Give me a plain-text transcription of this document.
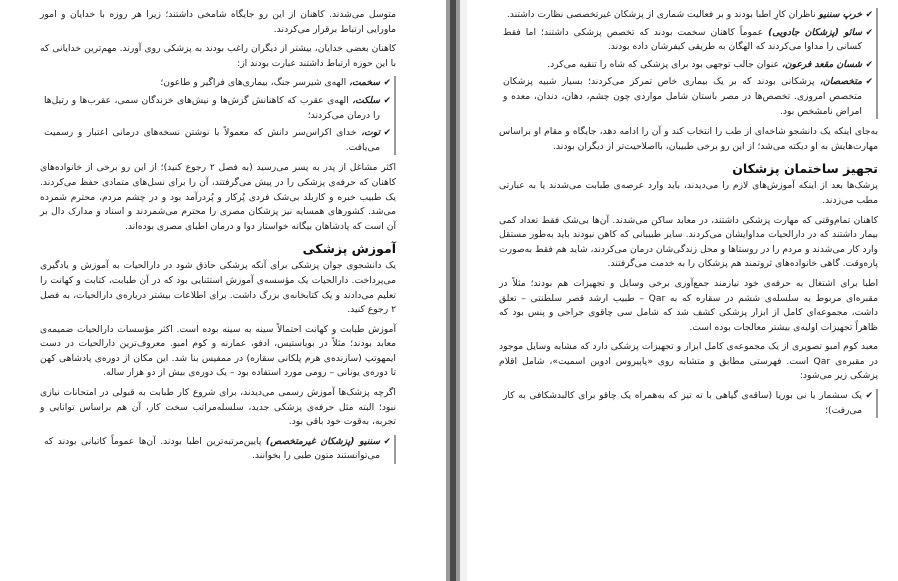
✔
خرپ سننیو ناظران کارِ اطبا بودند و بر فعالیت شماری از پزشکان غیرتخصصی نظارت داشتند.
✔
سائو (پزشکان جادویی) عموماً کاهنان سخمت بودند که تخصص پزشکی داشتند؛ اما فقط کسانی را مداوا می‌کردند که الهگان به طریقی کیفرشان داده بودند.
✔
شسان مقعد فرعون، عنوان جالب توجهی بود برای پزشکی که شاه را تنقیه می‌کرد.
✔
متخصصان، پزشکانی بودند که بر یک بیماری خاص تمرکز می‌کردند؛ بسیار شبیه پزشکان متخصص امروزی. تخصص‌ها در مصر باستان شامل مواردی چون چشم، دهان، دندان، معده و امراض نامشخص بود.

به‌جای اینکه یک دانشجو شاخه‌ای از طب را انتخاب کند و آن را ادامه دهد، جایگاه و مقام او براساس مهارت‌هایش به او دیکته می‌شد؛ از این رو برخی طبیبان، بااصلاحیت‌تر از دیگران بودند.

تجهیز ساختمان پزشکان

پزشک‌ها بعد از اینکه آموزش‌های لازم را می‌دیدند، باید وارد عرصه‌ی طبابت می‌شدند یا به عبارتی مطب می‌زدند.

کاهنان تمام‌وقتی که مهارت پزشکی داشتند، در معابد ساکن می‌شدند. آن‌ها بی‌شک فقط تعداد کمی بیمار داشتند که در دارالحیات مداوایشان می‌کردند. سایر طبیبانی که کاهن نبودند باید به‌طور مستقل وارد کار می‌شدند و مردم را در روستاها و محل زندگی‌شان درمان می‌کردند، شاید هم فقط به‌صورت پاره‌وقت. گاهی خانواده‌های ثروتمند هم پزشکان را به خدمت می‌گرفتند.

اطبا برای اشتغال به حرفه‌ی خود نیازمند جمع‌آوری برخی وسایل و تجهیزات هم بودند؛ مثلاً در مقبره‌ای مربوط به سلسله‌ی ششم در سقاره که به Qar – طبیب ارشد قصر سلطنتی – تعلق داشت، مجموعه‌ای کامل از ابزار پزشکی کشف شد که شامل سی چاقوی جراحی و پنس بود که ظاهراً تجهیزات اولیه‌ی بیشتر معالجات بوده است.

معبد کوم امبو تصویری از یک مجموعه‌ی کامل ابزار و تجهیزات پزشکی دارد که مشابه وسایل موجود در مقبره‌ی Qar است. فهرستی مطابق و متشابه روی «پاپیروس ادوین اسمیت»، شامل اقلام پزشکی زیر می‌شود:

✔
یک سشمار یا نی بوریا (ساقه‌ی گیاهی با ته تیز که به‌همراه یک چاقو برای کالبدشکافی به کار می‌رفت)؛

متوسل می‌شدند. کاهنان از این رو جایگاه شامخی داشتند؛ زیرا هر روزه با خدایان و امور ماورایی ارتباط برقرار می‌کردند.

کاهنان بعضی خدایان، بیشتر از دیگران راغب بودند به پزشکی روی آورند. مهم‌ترین خدایانی که با این حوزه ارتباط داشتند عبارت بودند از:

✔
سخمت، الهه‌ی شیرسر جنگ، بیماری‌های فراگیر و طاعون؛
✔
سلکت، الهه‌ی عقرب که کاهنانش گزش‌ها و نیش‌های خزندگان سمی، عقرب‌ها و رتیل‌ها را درمان می‌کردند؛
✔
توت، خدای اکراس‌سر دانش که معمولاً با نوشتن نسخه‌های درمانی اعتبار و رسمیت می‌یافت.

اکثر مشاغل از پدر به پسر می‌رسید (به فصل ۲ رجوع کنید)؛ از این رو برخی از خانواده‌های کاهنان که حرفه‌ی پزشکی را در پیش می‌گرفتند، آن را برای نسل‌های متمادی حفظ می‌کردند. یک طبیب خبره و کاربلد بی‌شک فردی پُرکار و پُردرآمد بود و در چشم مردم، محترم شمرده می‌شد. کشورهای همسایه نیز پزشکان مصری را محترم می‌شمردند و اسناد و مدارک دال بر آن است که پادشاهان بیگانه خواستار دوا و درمان اطبای مصری بوده‌اند.

آموزش پزشکی

یک دانشجوی جوان پزشکی برای آنکه پزشکی حاذق شود در دارالحیات به آموزش و یادگیری می‌پرداخت. دارالحیات یک مؤسسه‌ی آموزش استثنایی بود که در آن طبابت، کتابت و کهانت را تعلیم می‌دادند و یک کتابخانه‌ی بزرگ داشت. برای اطلاعات بیشتر درباره‌ی دارالحیات، به فصل ۲ رجوع کنید.

آموزش طبابت و کهانت احتمالاً سینه به سینه بوده است. اکثر مؤسسات دارالحیات ضمیمه‌ی معابد بودند؛ مثلاً در بوباستیس، ادفو، عمارنه و کوم امبو. معروف‌ترین دارالحیات در دست ایمهوتپ (سازنده‌ی هرم پلکانی سقاره) در ممفیس بنا شد. این مکان از دوره‌ی پادشاهی کهن تا دوره‌ی یونانی – رومی مورد استفاده بود – یک دوره‌ی بیش از دو هزار ساله.

اگرچه پزشک‌ها آموزش رسمی می‌دیدند، برای شروع کار طبابت به قبولی در امتحانات نیازی نبود؛ البته مثل حرفه‌ی پزشکی جدید، سلسله‌مراتب سخت کار، آن هم براساس توانایی و تجربه، به‌قوت خود باقی بود.

✔
سننیو (پزشکان غیرمتخصص) پایین‌مرتبه‌ترین اطبا بودند. آن‌ها عموماً کاتبانی بودند که می‌توانستند متون طبی را بخوانند.
